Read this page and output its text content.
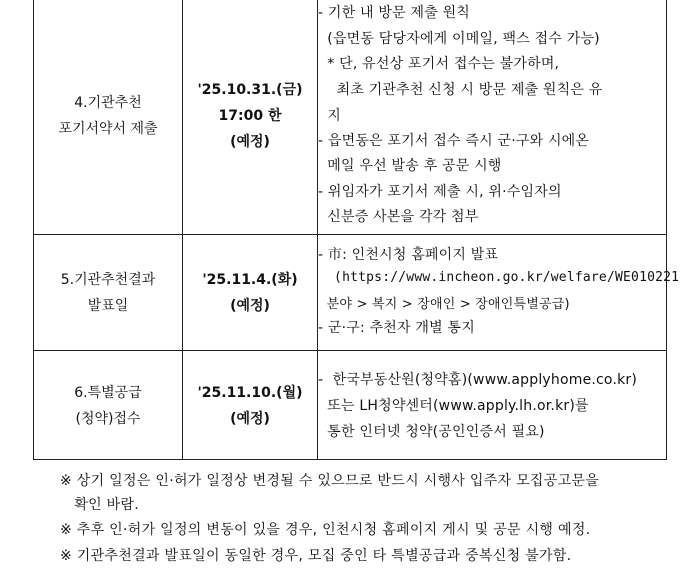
4.기관추천
포기서약서 제출
'25.10.31.(금)
17:00 한
(예정)
- 기한 내 방문 제출 원칙
(읍면동 담당자에게 이메일, 팩스 접수 가능)
* 단, 유선상 포기서 접수는 불가하며,
최초 기관추천 신청 시 방문 제출 원칙은 유
지
- 읍면동은 포기서 접수 즉시 군·구와 시에온
메일 우선 발송 후 공문 시행
- 위임자가 포기서 제출 시, 위·수임자의
신분증 사본을 각각 첨부
5.기관추천결과
발표일
'25.11.4.(화)
(예정)
- 市: 인천시청 홈페이지 발표
(https://www.incheon.go.kr/welfare/WE010221
분야 > 복지 > 장애인 > 장애인특별공급)
- 군·구: 추천자 개별 통지
6.특별공급
(청약)접수
'25.11.10.(월)
(예정)
-  한국부동산원(청약홈)(www.applyhome.co.kr)
또는 LH청약센터(www.apply.lh.or.kr)를
통한 인터넷 청약(공인인증서 필요)
※ 상기 일정은 인·허가 일정상 변경될 수 있으므로 반드시 시행사 입주자 모집공고문을
확인 바람.
※ 추후 인·허가 일정의 변동이 있을 경우, 인천시청 홈페이지 게시 및 공문 시행 예정.
※ 기관추천결과 발표일이 동일한 경우, 모집 중인 타 특별공급과 중복신청 불가함.
